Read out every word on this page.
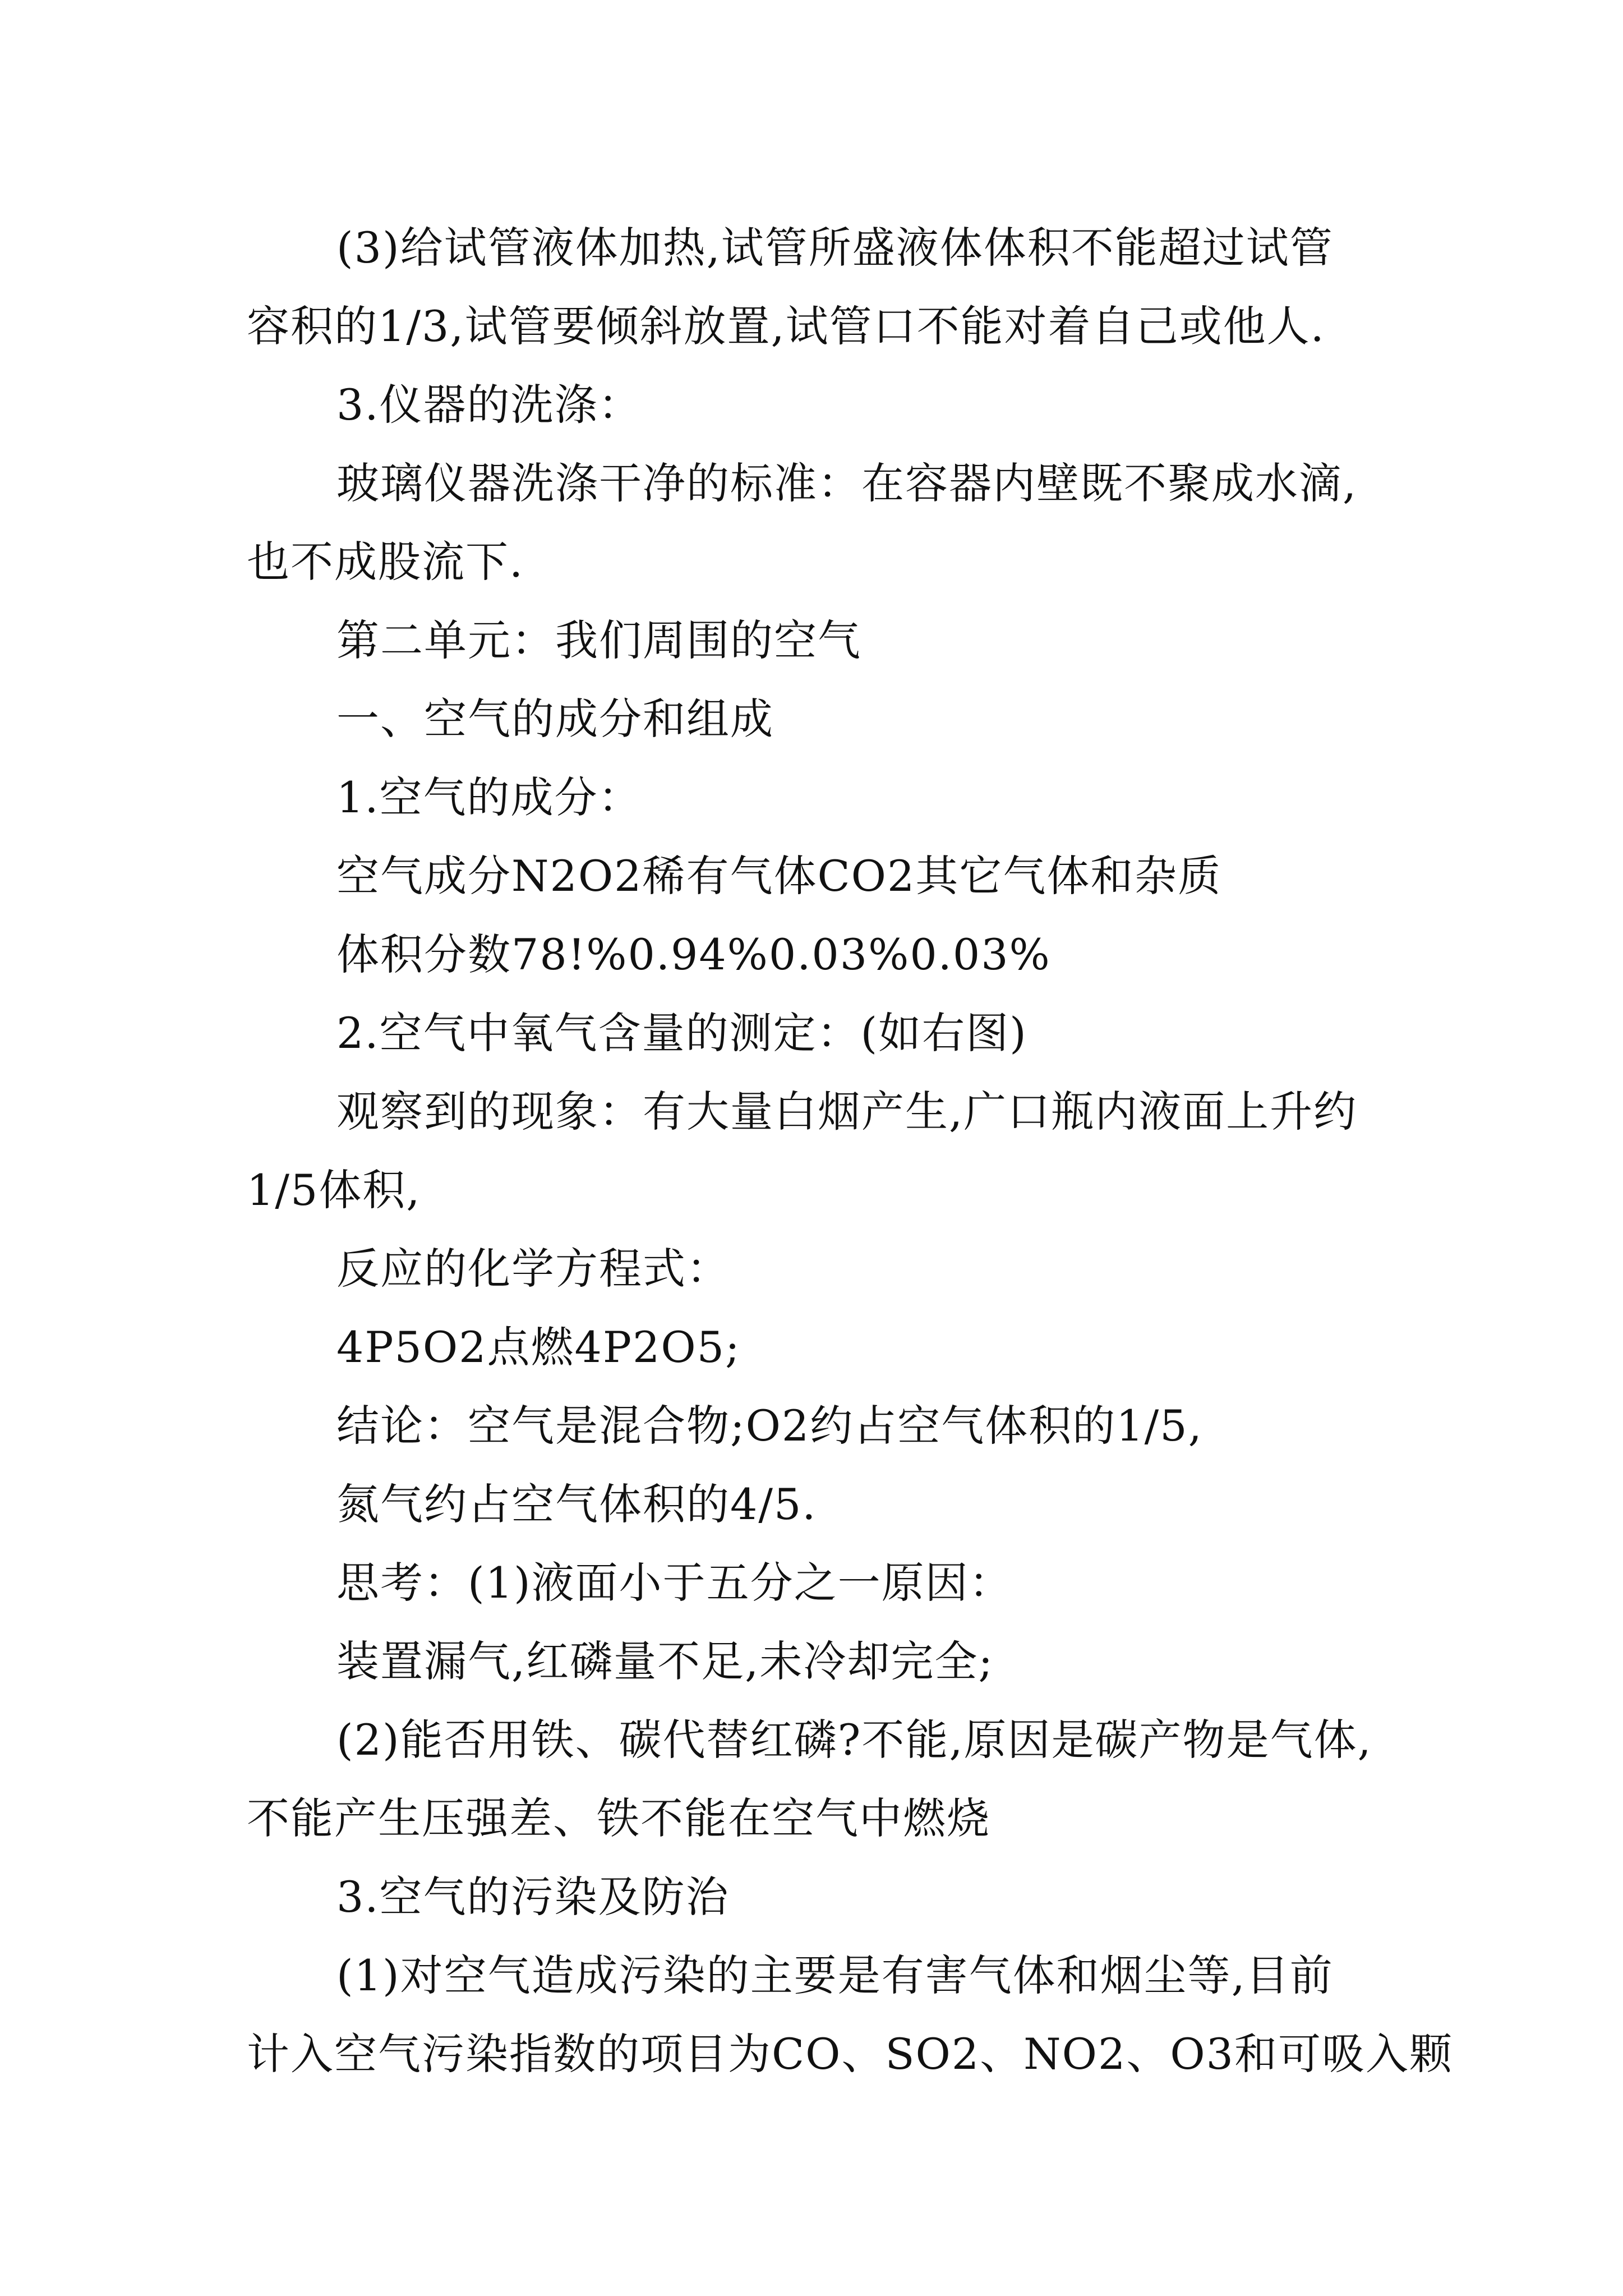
(3)给试管液体加热,试管所盛液体体积不能超过试管
容积的1/3,试管要倾斜放置,试管口不能对着自己或他人.
3.仪器的洗涤：
玻璃仪器洗涤干净的标准：在容器内壁既不聚成水滴,
也不成股流下.
第二单元：我们周围的空气
一、空气的成分和组成
1.空气的成分：
空气成分N2O2稀有气体CO2其它气体和杂质
体积分数78!%0.94%0.03%0.03%
2.空气中氧气含量的测定：(如右图)
观察到的现象：有大量白烟产生,广口瓶内液面上升约
1/5体积,
反应的化学方程式：
4P5O2点燃4P2O5;
结论：空气是混合物;O2约占空气体积的1/5,
氮气约占空气体积的4/5.
思考：(1)液面小于五分之一原因：
装置漏气,红磷量不足,未冷却完全;
(2)能否用铁、碳代替红磷?不能,原因是碳产物是气体,
不能产生压强差、铁不能在空气中燃烧
3.空气的污染及防治
(1)对空气造成污染的主要是有害气体和烟尘等,目前
计入空气污染指数的项目为CO、SO2、NO2、O3和可吸入颗
